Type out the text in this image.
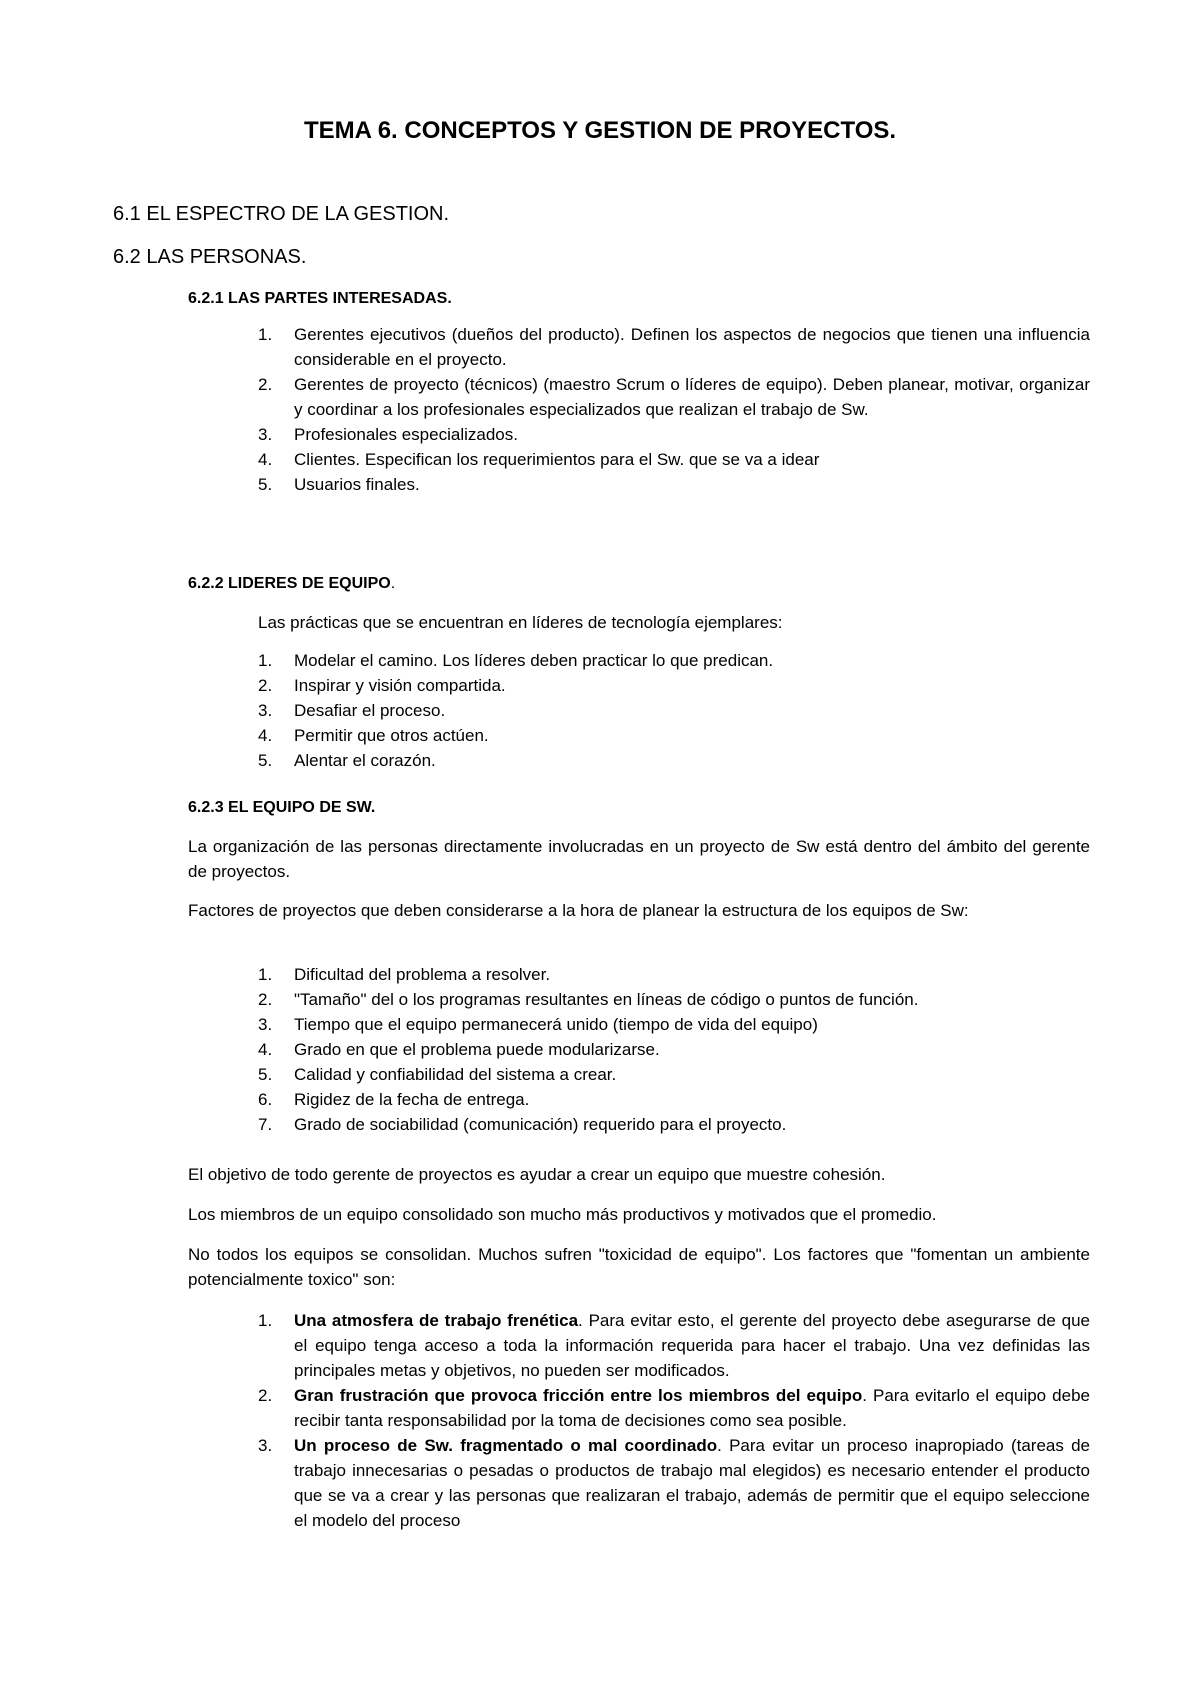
TEMA 6. CONCEPTOS Y GESTION DE PROYECTOS.
6.1 EL ESPECTRO DE LA GESTION.
6.2 LAS PERSONAS.
6.2.1 LAS PARTES INTERESADAS.
1. Gerentes ejecutivos (dueños del producto). Definen los aspectos de negocios que tienen una influencia considerable en el proyecto.
2. Gerentes de proyecto (técnicos) (maestro Scrum o líderes de equipo). Deben planear, motivar, organizar y coordinar a los profesionales especializados que realizan el trabajo de Sw.
3. Profesionales especializados.
4. Clientes. Especifican los requerimientos para el Sw. que se va a idear
5. Usuarios finales.
6.2.2 LIDERES DE EQUIPO.
Las prácticas que se encuentran en líderes de tecnología ejemplares:
1. Modelar el camino. Los líderes deben practicar lo que predican.
2. Inspirar y visión compartida.
3. Desafiar el proceso.
4. Permitir que otros actúen.
5. Alentar el corazón.
6.2.3 EL EQUIPO DE SW.
La organización de las personas directamente involucradas en un proyecto de Sw está dentro del ámbito del gerente de proyectos.
Factores de proyectos que deben considerarse a la hora de planear la estructura de los equipos de Sw:
1. Dificultad del problema a resolver.
2. "Tamaño" del o los programas resultantes en líneas de código o puntos de función.
3. Tiempo que el equipo permanecerá unido (tiempo de vida del equipo)
4. Grado en que el problema puede modularizarse.
5. Calidad y confiabilidad del sistema a crear.
6. Rigidez de la fecha de entrega.
7. Grado de sociabilidad (comunicación) requerido para el proyecto.
El objetivo de todo gerente de proyectos es ayudar a crear un equipo que muestre cohesión.
Los miembros de un equipo consolidado son mucho más productivos y motivados que el promedio.
No todos los equipos se consolidan. Muchos sufren "toxicidad de equipo". Los factores que "fomentan un ambiente potencialmente toxico" son:
1. Una atmosfera de trabajo frenética. Para evitar esto, el gerente del proyecto debe asegurarse de que el equipo tenga acceso a toda la información requerida para hacer el trabajo. Una vez definidas las principales metas y objetivos, no pueden ser modificados.
2. Gran frustración que provoca fricción entre los miembros del equipo. Para evitarlo el equipo debe recibir tanta responsabilidad por la toma de decisiones como sea posible.
3. Un proceso de Sw. fragmentado o mal coordinado. Para evitar un proceso inapropiado (tareas de trabajo innecesarias o pesadas o productos de trabajo mal elegidos) es necesario entender el producto que se va a crear y las personas que realizaran el trabajo, además de permitir que el equipo seleccione el modelo del proceso
